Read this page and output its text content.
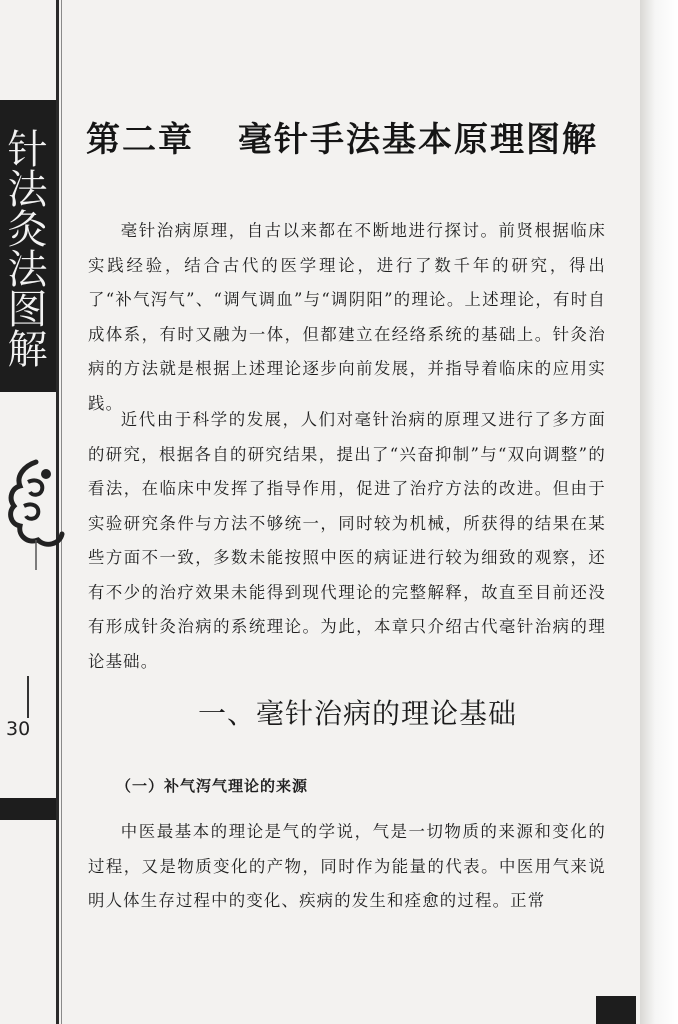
针法灸法图解
30
第二章 毫针手法基本原理图解

毫针治病原理，自古以来都在不断地进行探讨。前贤根据临床实践经验，结合古代的医学理论，进行了数千年的研究，得出了“补气泻气”、“调气调血”与“调阴阳”的理论。上述理论，有时自成体系，有时又融为一体，但都建立在经络系统的基础上。针灸治病的方法就是根据上述理论逐步向前发展，并指导着临床的应用实践。

近代由于科学的发展，人们对毫针治病的原理又进行了多方面的研究，根据各自的研究结果，提出了“兴奋抑制”与“双向调整”的看法，在临床中发挥了指导作用，促进了治疗方法的改进。但由于实验研究条件与方法不够统一，同时较为机械，所获得的结果在某些方面不一致，多数未能按照中医的病证进行较为细致的观察，还有不少的治疗效果未能得到现代理论的完整解释，故直至目前还没有形成针灸治病的系统理论。为此，本章只介绍古代毫针治病的理论基础。

一、毫针治病的理论基础
（一）补气泻气理论的来源

中医最基本的理论是气的学说，气是一切物质的来源和变化的过程，又是物质变化的产物，同时作为能量的代表。中医用气来说明人体生存过程中的变化、疾病的发生和痊愈的过程。正常
